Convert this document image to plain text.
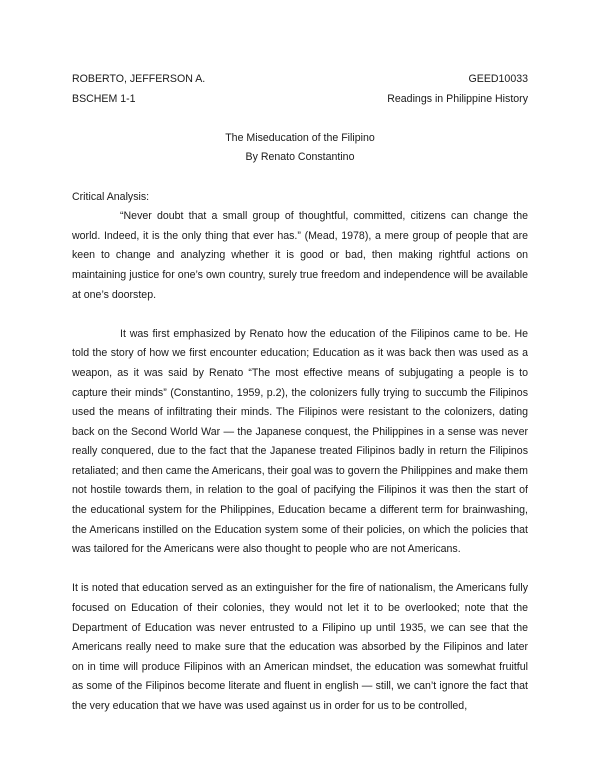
ROBERTO, JEFFERSON A.	GEED10033
BSCHEM 1-1	Readings in Philippine History
The Miseducation of the Filipino
By Renato Constantino
Critical Analysis:

“Never doubt that a small group of thoughtful, committed, citizens can change the world. Indeed, it is the only thing that ever has.” (Mead, 1978), a mere group of people that are keen to change and analyzing whether it is good or bad, then making rightful actions on maintaining justice for one’s own country, surely true freedom and independence will be available at one’s doorstep.

It was first emphasized by Renato how the education of the Filipinos came to be. He told the story of how we first encounter education; Education as it was back then was used as a weapon, as it was said by Renato “The most effective means of subjugating a people is to capture their minds” (Constantino, 1959, p.2), the colonizers fully trying to succumb the Filipinos used the means of infiltrating their minds. The Filipinos were resistant to the colonizers, dating back on the Second World War — the Japanese conquest, the Philippines in a sense was never really conquered, due to the fact that the Japanese treated Filipinos badly in return the Filipinos retaliated; and then came the Americans, their goal was to govern the Philippines and make them not hostile towards them, in relation to the goal of pacifying the Filipinos it was then the start of the educational system for the Philippines, Education became a different term for brainwashing, the Americans instilled on the Education system some of their policies, on which the policies that was tailored for the Americans were also thought to people who are not Americans.

It is noted that education served as an extinguisher for the fire of nationalism, the Americans fully focused on Education of their colonies, they would not let it to be overlooked; note that the Department of Education was never entrusted to a Filipino up until 1935, we can see that the Americans really need to make sure that the education was absorbed by the Filipinos and later on in time will produce Filipinos with an American mindset, the education was somewhat fruitful as some of the Filipinos become literate and fluent in english — still, we can’t ignore the fact that the very education that we have was used against us in order for us to be controlled,
